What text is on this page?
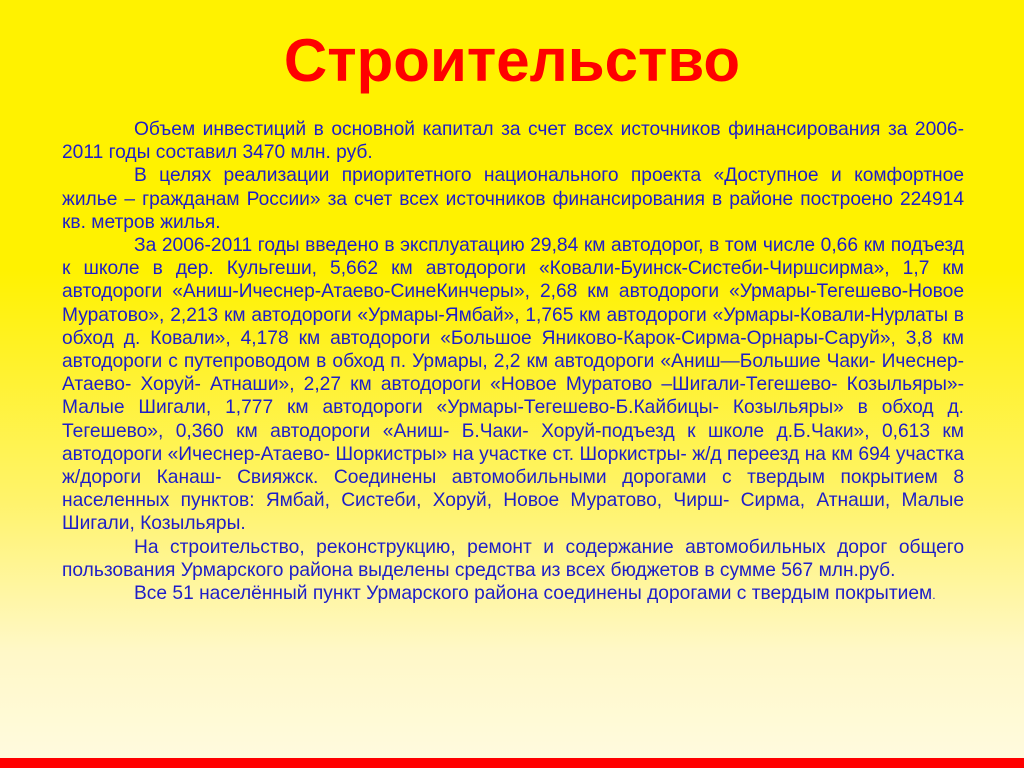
Строительство

Объем инвестиций в основной капитал за счет всех источников финансирования за 2006-2011 годы составил 3470 млн. руб.

В целях реализации приоритетного национального проекта «Доступное и комфортное жилье – гражданам России» за счет всех источников финансирования в районе построено 224914 кв. метров жилья.

За 2006-2011 годы введено в эксплуатацию 29,84 км автодорог, в том числе 0,66 км подъезд к школе в дер. Кульгеши, 5,662 км автодороги «Ковали-Буинск-Систеби-Чиршсирма», 1,7 км автодороги «Аниш-Ичеснер-Атаево-СинеКинчеры», 2,68 км автодороги «Урмары-Тегешево-Новое Муратово», 2,213 км автодороги «Урмары-Ямбай», 1,765 км автодороги «Урмары-Ковали-Нурлаты в обход д. Ковали», 4,178 км автодороги «Большое Яниково-Карок-Сирма-Орнары-Саруй», 3,8 км автодороги с путепроводом в обход п. Урмары, 2,2 км автодороги «Аниш—Большие Чаки- Ичеснер-Атаево- Хоруй- Атнаши», 2,27 км автодороги «Новое Муратово –Шигали-Тегешево- Козыльяры»- Малые Шигали, 1,777 км автодороги «Урмары-Тегешево-Б.Кайбицы- Козыльяры» в обход д. Тегешево», 0,360 км автодороги «Аниш- Б.Чаки- Хоруй-подъезд к школе д.Б.Чаки», 0,613 км автодороги «Ичеснер-Атаево- Шоркистры» на участке ст. Шоркистры- ж/д переезд на км 694 участка ж/дороги Канаш- Свияжск. Соединены автомобильными дорогами с твердым покрытием 8 населенных пунктов: Ямбай, Систеби, Хоруй, Новое Муратово, Чирш- Сирма, Атнаши, Малые Шигали, Козыльяры.

На строительство, реконструкцию, ремонт и содержание автомобильных дорог общего пользования Урмарского района выделены средства из всех бюджетов в сумме 567 млн.руб.

Все 51 населённый пункт Урмарского района соединены дорогами с твердым покрытием.
